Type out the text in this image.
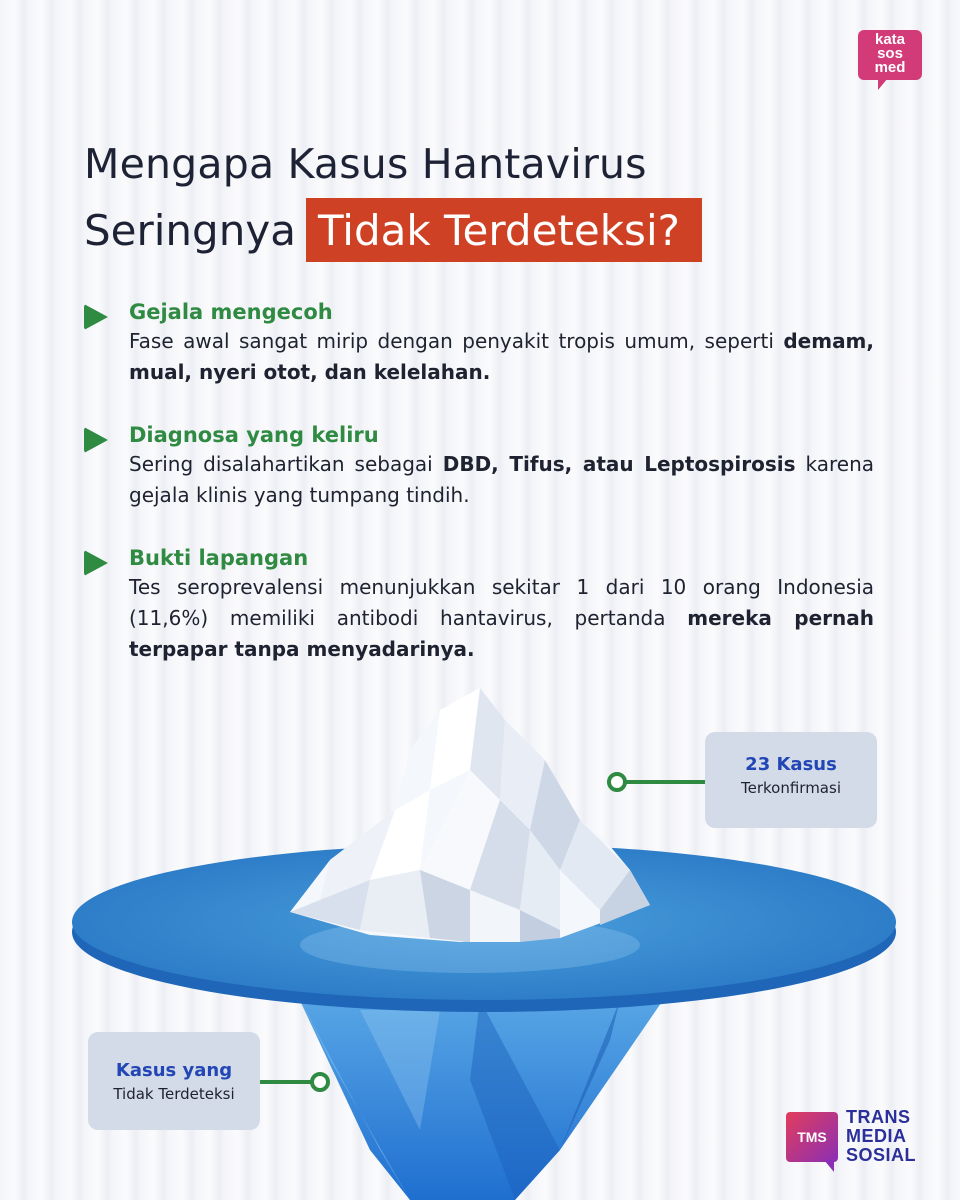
kata
sos
med
Mengapa Kasus Hantavirus
Seringnya Tidak Terdeteksi?
Gejala mengecoh

Fase awal sangat mirip dengan penyakit tropis umum, seperti demam, mual, nyeri otot, dan kelelahan.

Diagnosa yang keliru

Sering disalahartikan sebagai DBD, Tifus, atau Leptospirosis karena gejala klinis yang tumpang tindih.

Bukti lapangan

Tes seroprevalensi menunjukkan sekitar 1 dari 10 orang Indonesia (11,6%) memiliki antibodi hantavirus, pertanda mereka pernah terpapar tanpa menyadarinya.

23 Kasus
Terkonfirmasi
Kasus yang
Tidak Terdeteksi
TMS
TRANS
MEDIA
SOSIAL
